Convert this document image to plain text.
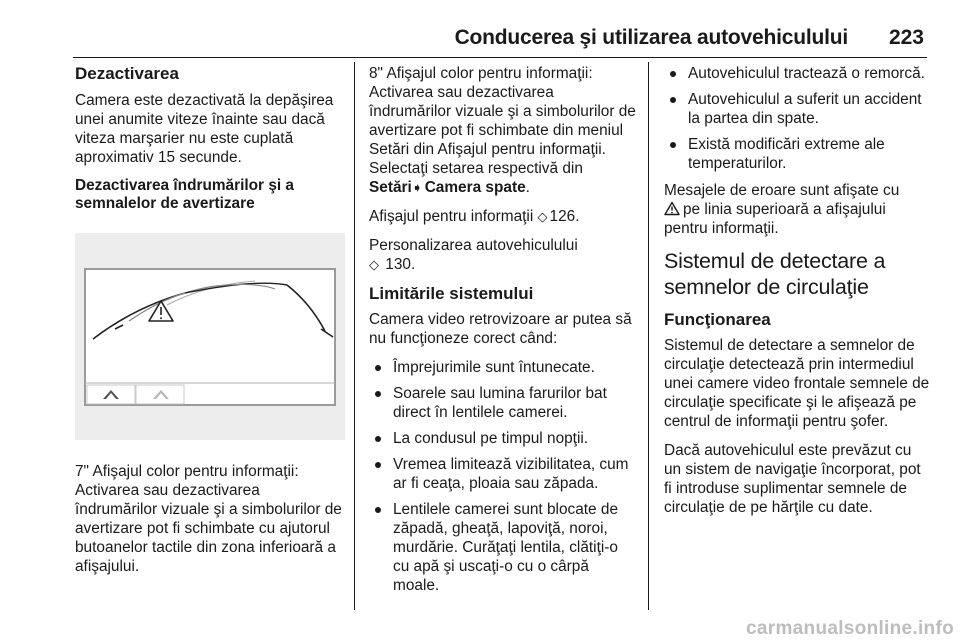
Conducerea şi utilizarea autovehiculului 223
Dezactivarea

Camera este dezactivată la depăşirea unei anumite viteze înainte sau dacă viteza marşarier nu este cuplată aproximativ 15 secunde.

Dezactivarea îndrumărilor şi a semnalelor de avertizare

7" Afişajul color pentru informaţii: Activarea sau dezactivarea îndrumărilor vizuale şi a simbolurilor de avertizare pot fi schimbate cu ajutorul butoanelor tactile din zona inferioară a afişajului.

8" Afişajul color pentru informaţii: Activarea sau dezactivarea îndrumărilor vizuale şi a simbolurilor de avertizare pot fi schimbate din meniul Setări din Afişajul pentru informaţii. Selectaţi setarea respectivă din Setări➧ Camera spate.

Afişajul pentru informaţii ◇ 126.

Personalizarea autovehiculului
◇ 130.

Limitările sistemului

Camera video retrovizoare ar putea să nu funcţioneze corect când:

Împrejurimile sunt întunecate.
Soarele sau lumina farurilor bat direct în lentilele camerei.
La condusul pe timpul nopţii.
Vremea limitează vizibilitatea, cum ar fi ceaţa, ploaia sau zăpada.
Lentilele camerei sunt blocate de zăpadă, gheaţă, lapoviţă, noroi, murdărie. Curăţaţi lentila, clătiţi-o cu apă şi uscaţi-o cu o cârpă moale.
Autovehiculul tractează o remorcă.
Autovehiculul a suferit un accident la partea din spate.
Există modificări extreme ale temperaturilor.

Mesajele de eroare sunt afişate cu
pe linia superioară a afişajului pentru informaţii.

Sistemul de detectare a semnelor de circulaţie
Funcţionarea

Sistemul de detectare a semnelor de circulaţie detectează prin intermediul unei camere video frontale semnele de circulaţie specificate şi le afişează pe centrul de informaţii pentru şofer.

Dacă autovehiculul este prevăzut cu un sistem de navigaţie încorporat, pot fi introduse suplimentar semnele de circulaţie de pe hărţile cu date.

carmanualsonline.info
